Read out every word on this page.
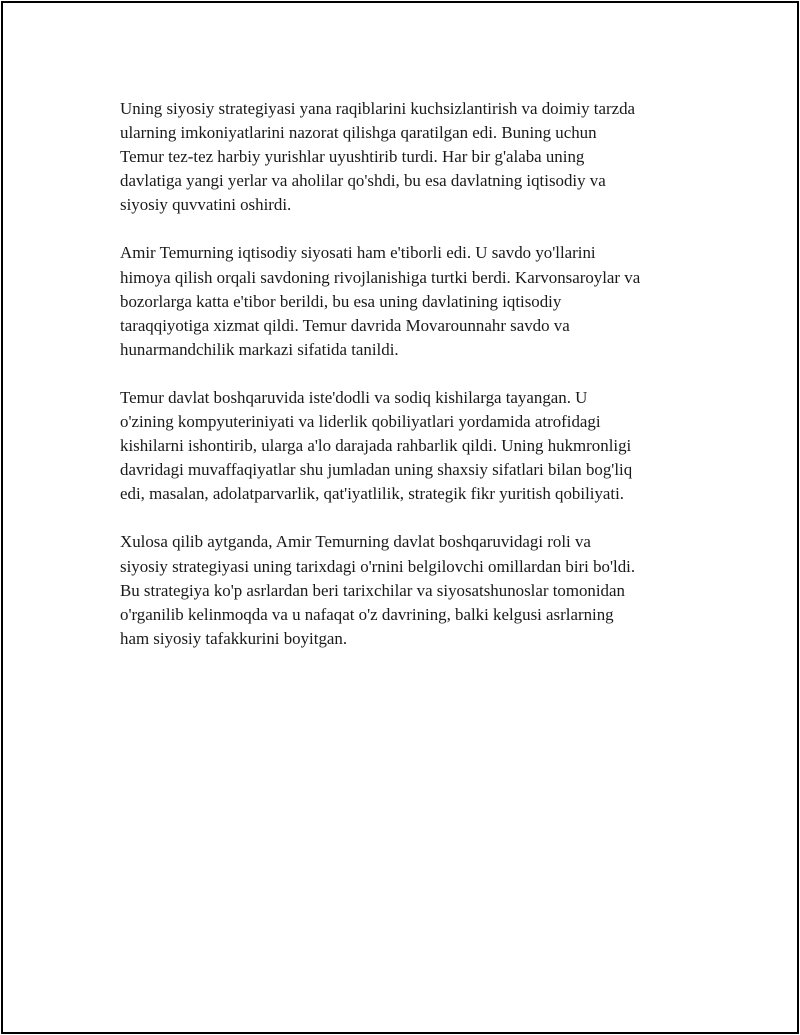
Uning siyosiy strategiyasi yana raqiblarini kuchsizlantirish va doimiy tarzda
ularning imkoniyatlarini nazorat qilishga qaratilgan edi. Buning uchun
Temur tez-tez harbiy yurishlar uyushtirib turdi. Har bir g'alaba uning
davlatiga yangi yerlar va aholilar qo'shdi, bu esa davlatning iqtisodiy va
siyosiy quvvatini oshirdi.

Amir Temurning iqtisodiy siyosati ham e'tiborli edi. U savdo yo'llarini
himoya qilish orqali savdoning rivojlanishiga turtki berdi. Karvonsaroylar va
bozorlarga katta e'tibor berildi, bu esa uning davlatining iqtisodiy
taraqqiyotiga xizmat qildi. Temur davrida Movarounnahr savdo va
hunarmandchilik markazi sifatida tanildi.

Temur davlat boshqaruvida iste'dodli va sodiq kishilarga tayangan. U
o'zining kompyuteriniyati va liderlik qobiliyatlari yordamida atrofidagi
kishilarni ishontirib, ularga a'lo darajada rahbarlik qildi. Uning hukmronligi
davridagi muvaffaqiyatlar shu jumladan uning shaxsiy sifatlari bilan bog'liq
edi, masalan, adolatparvarlik, qat'iyatlilik, strategik fikr yuritish qobiliyati.

Xulosa qilib aytganda, Amir Temurning davlat boshqaruvidagi roli va
siyosiy strategiyasi uning tarixdagi o'rnini belgilovchi omillardan biri bo'ldi.
Bu strategiya ko'p asrlardan beri tarixchilar va siyosatshunoslar tomonidan
o'rganilib kelinmoqda va u nafaqat o'z davrining, balki kelgusi asrlarning
ham siyosiy tafakkurini boyitgan.
